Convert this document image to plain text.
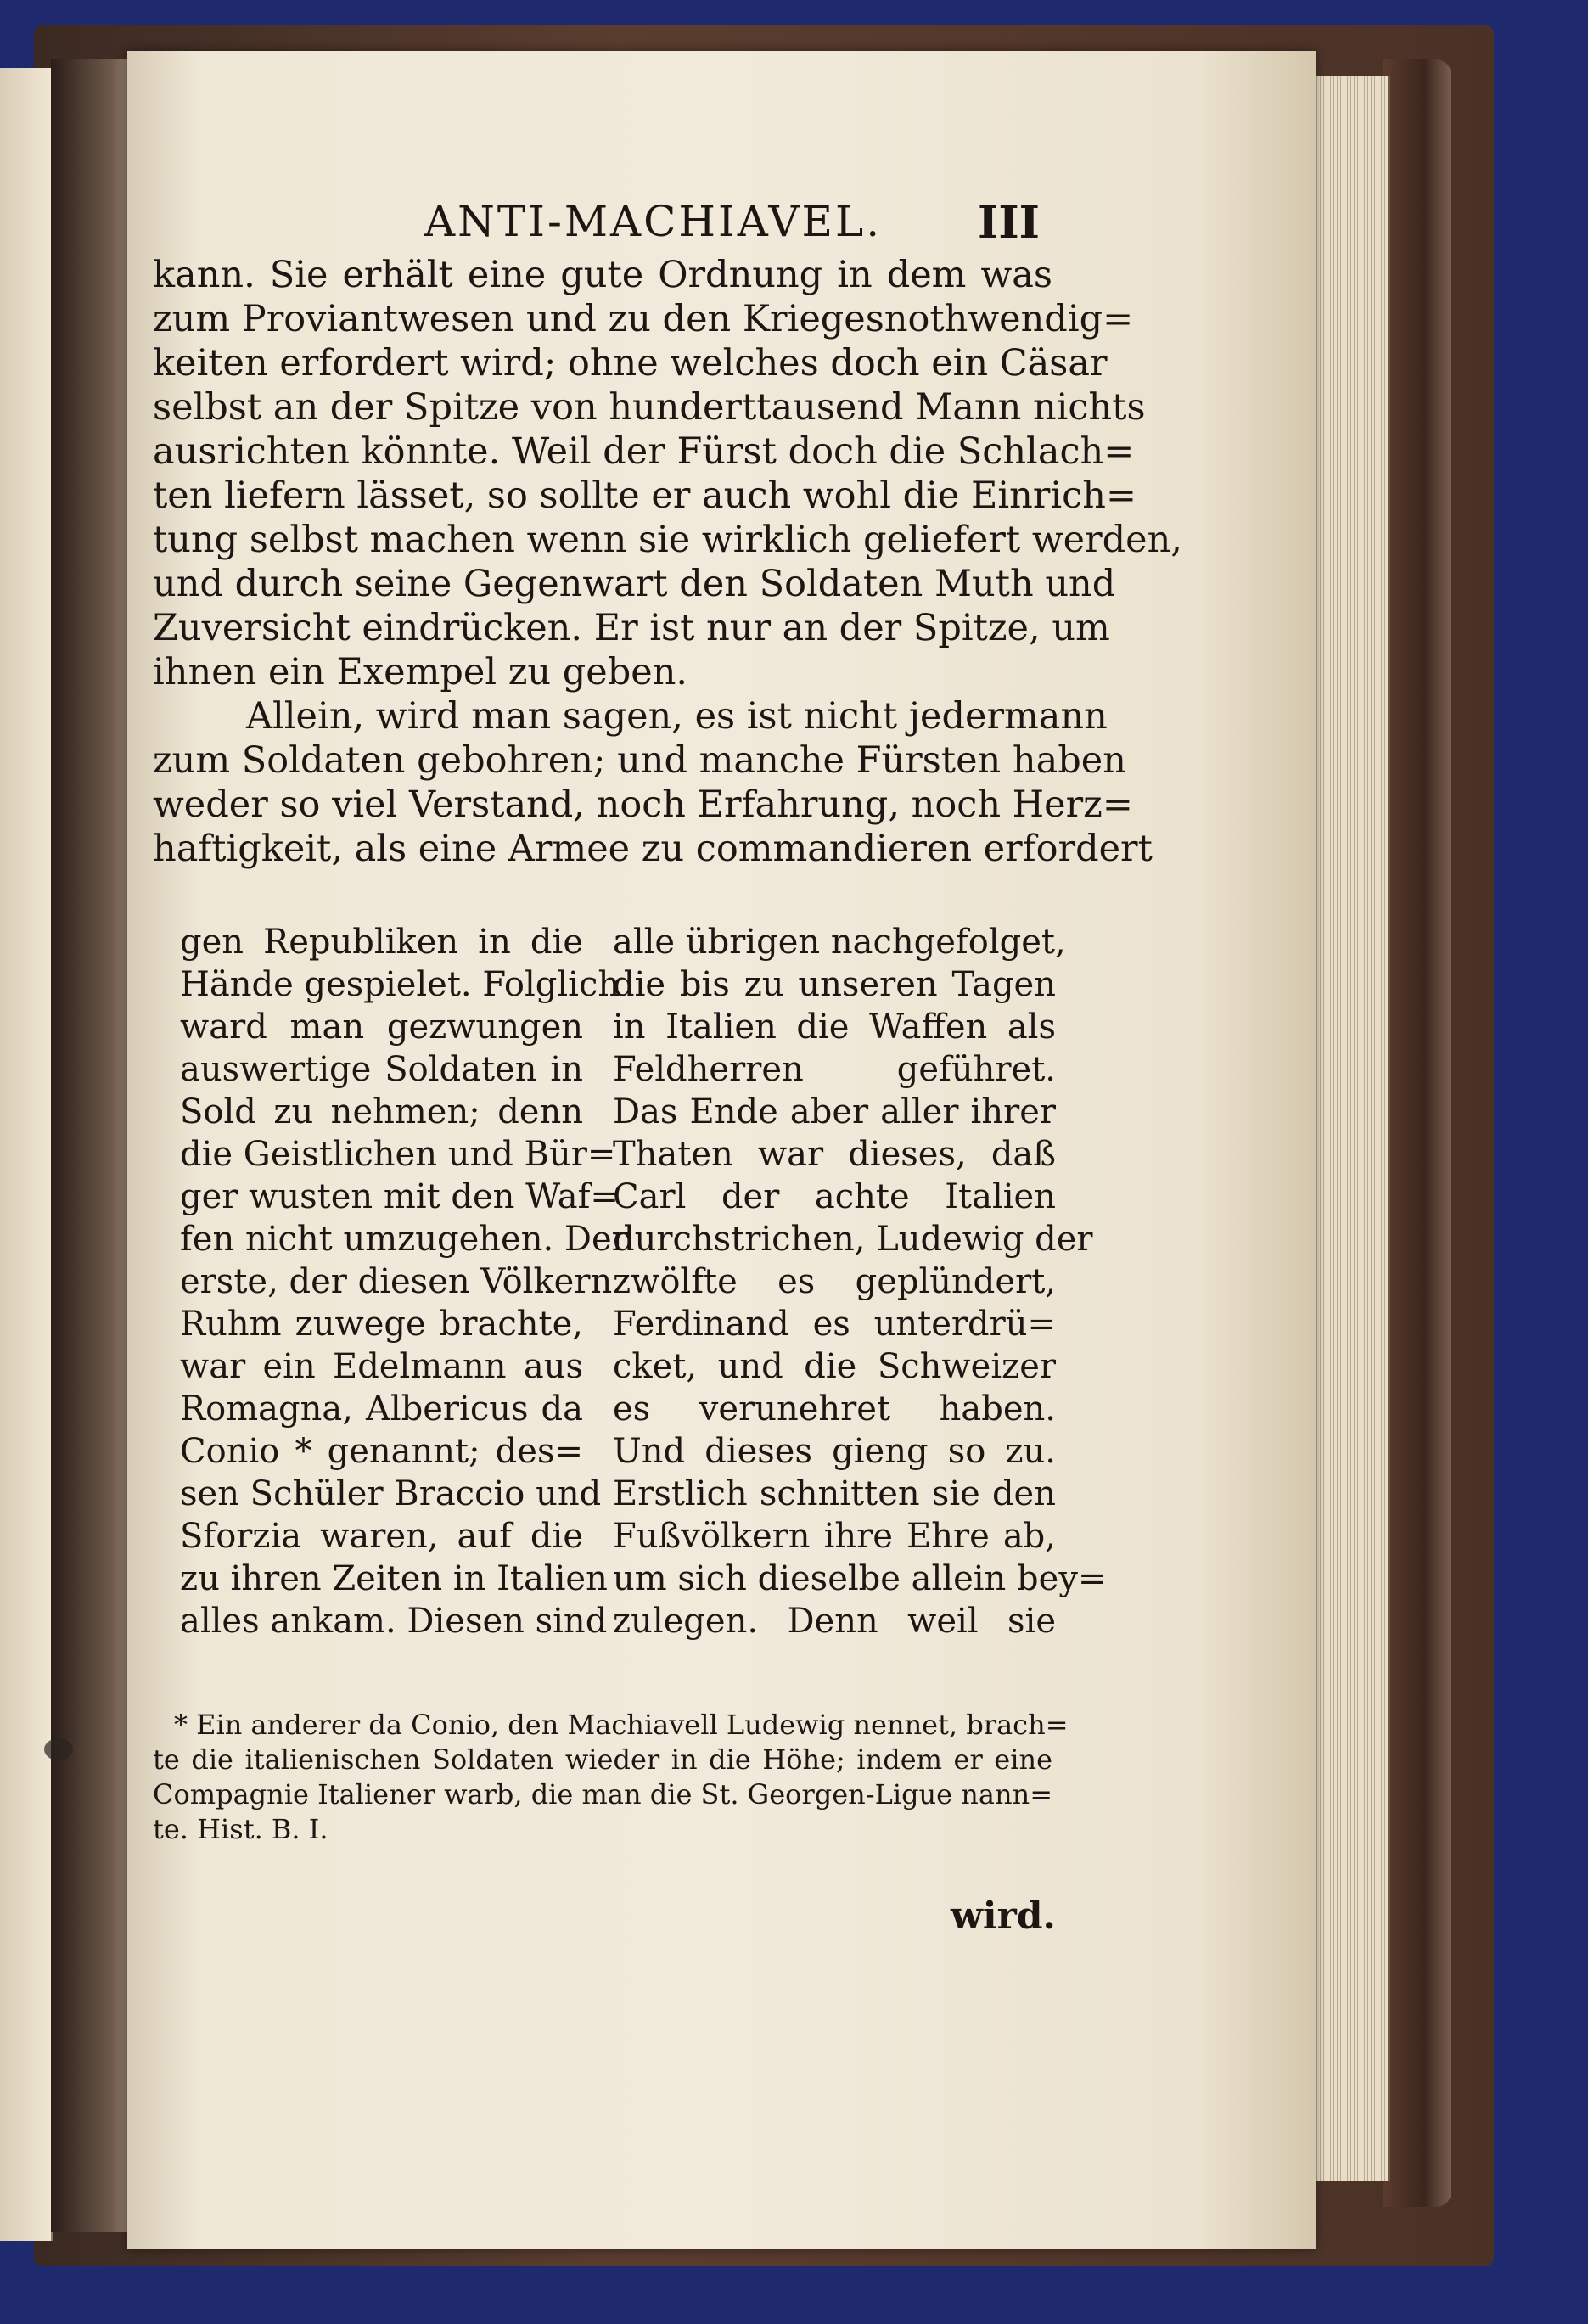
ANTI-MACHIAVEL. III
kann. Sie erhält eine gute Ordnung in dem was
zum Proviantwesen und zu den Kriegesnothwendig=
keiten erfordert wird; ohne welches doch ein Cäsar
selbst an der Spitze von hunderttausend Mann nichts
ausrichten könnte. Weil der Fürst doch die Schlach=
ten liefern lässet, so sollte er auch wohl die Einrich=
tung selbst machen wenn sie wirklich geliefert werden,
und durch seine Gegenwart den Soldaten Muth und
Zuversicht eindrücken. Er ist nur an der Spitze, um
ihnen ein Exempel zu geben.
Allein, wird man sagen, es ist nicht jedermann
zum Soldaten gebohren; und manche Fürsten haben
weder so viel Verstand, noch Erfahrung, noch Herz=
haftigkeit, als eine Armee zu commandieren erfordert
gen Republiken in die
Hände gespielet. Folglich
ward man gezwungen
auswertige Soldaten in
Sold zu nehmen; denn
die Geistlichen und Bür=
ger wusten mit den Waf=
fen nicht umzugehen. Der
erste, der diesen Völkern
Ruhm zuwege brachte,
war ein Edelmann aus
Romagna, Albericus da
Conio * genannt; des=
sen Schüler Braccio und
Sforzia waren, auf die
zu ihren Zeiten in Italien
alles ankam. Diesen sind
alle übrigen nachgefolget,
die bis zu unseren Tagen
in Italien die Waffen als
Feldherren geführet.
Das Ende aber aller ihrer
Thaten war dieses, daß
Carl der achte Italien
durchstrichen, Ludewig der
zwölfte es geplündert,
Ferdinand es unterdrü=
cket, und die Schweizer
es verunehret haben.
Und dieses gieng so zu.
Erstlich schnitten sie den
Fußvölkern ihre Ehre ab,
um sich dieselbe allein bey=
zulegen. Denn weil sie
* Ein anderer da Conio, den Machiavell Ludewig nennet, brach=
te die italienischen Soldaten wieder in die Höhe; indem er eine
Compagnie Italiener warb, die man die St. Georgen-Ligue nann=
te. Hist. B. I.
wird.
